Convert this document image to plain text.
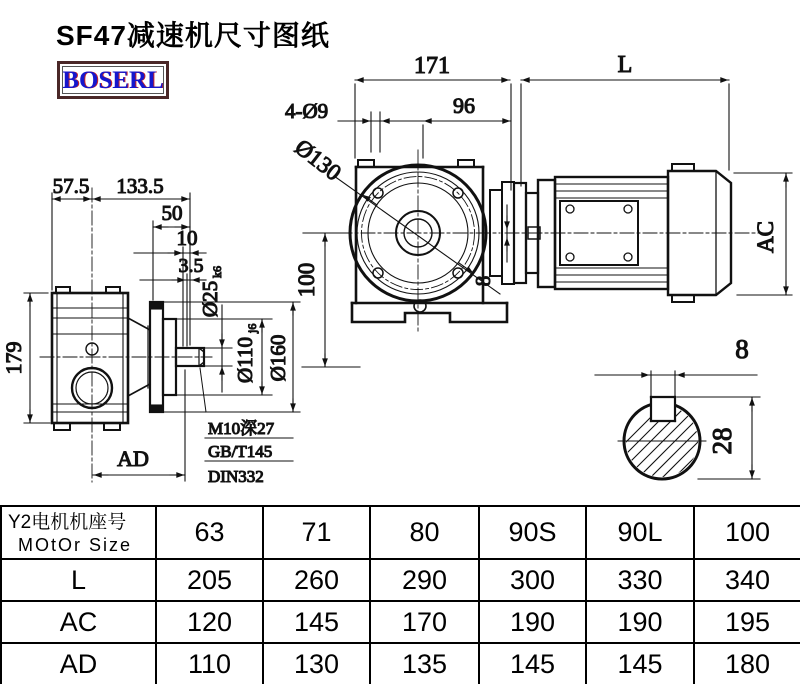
SF47减速机尺寸图纸
BOSERL
57.5 133.5
50
10
3.5
Ø25
k6
Ø110
j6
Ø160
179
AD
M10深27
GB/T145
DIN332
171	L
4-Ø9	96
Ø130
100	8
AC
8
28
Y2电机机座号
MOtOr Size	63	71	80	90S	90L	100
L	205	260	290	300	330	340
AC	120	145	170	190	190	195
AD	110	130	135	145	145	180
